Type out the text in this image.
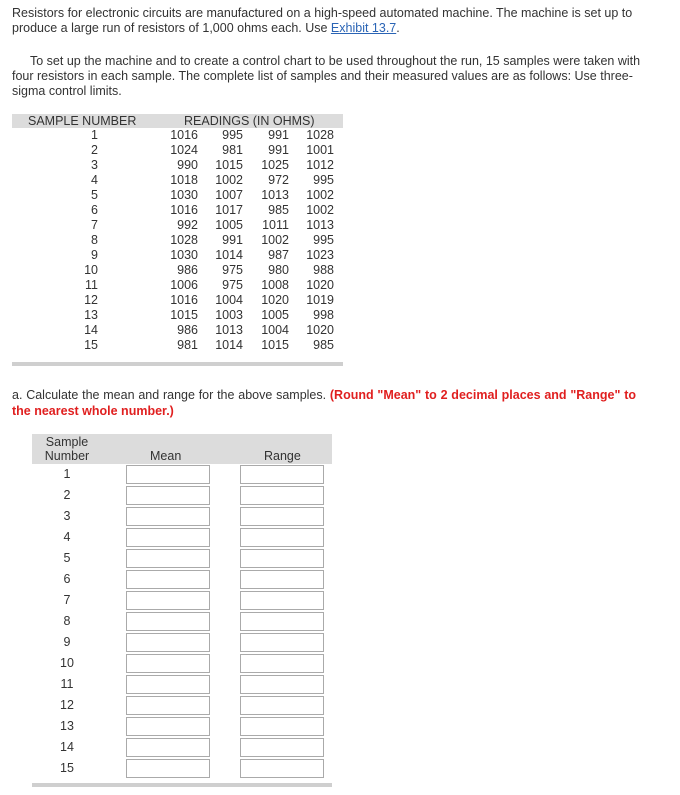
Resistors for electronic circuits are manufactured on a high-speed automated machine. The machine is set up to produce a large run of resistors of 1,000 ohms each. Use Exhibit 13.7.

To set up the machine and to create a control chart to be used throughout the run, 15 samples were taken with four resistors in each sample. The complete list of samples and their measured values are as follows: Use three-sigma control limits.

SAMPLE NUMBER	READINGS (IN OHMS)
1	1016	995	991	1028
2	1024	981	991	1001
3	990	1015	1025	1012
4	1018	1002	972	995
5	1030	1007	1013	1002
6	1016	1017	985	1002
7	992	1005	1011	1013
8	1028	991	1002	995
9	1030	1014	987	1023
10	986	975	980	988
11	1006	975	1008	1020
12	1016	1004	1020	1019
13	1015	1003	1005	998
14	986	1013	1004	1020
15	981	1014	1015	985
a. Calculate the mean and range for the above samples. (Round "Mean" to 2 decimal places and "Range" to the nearest whole number.)
Sample Number	Mean	Range
1
2
3
4
5
6
7
8
9
10
11
12
13
14
15
